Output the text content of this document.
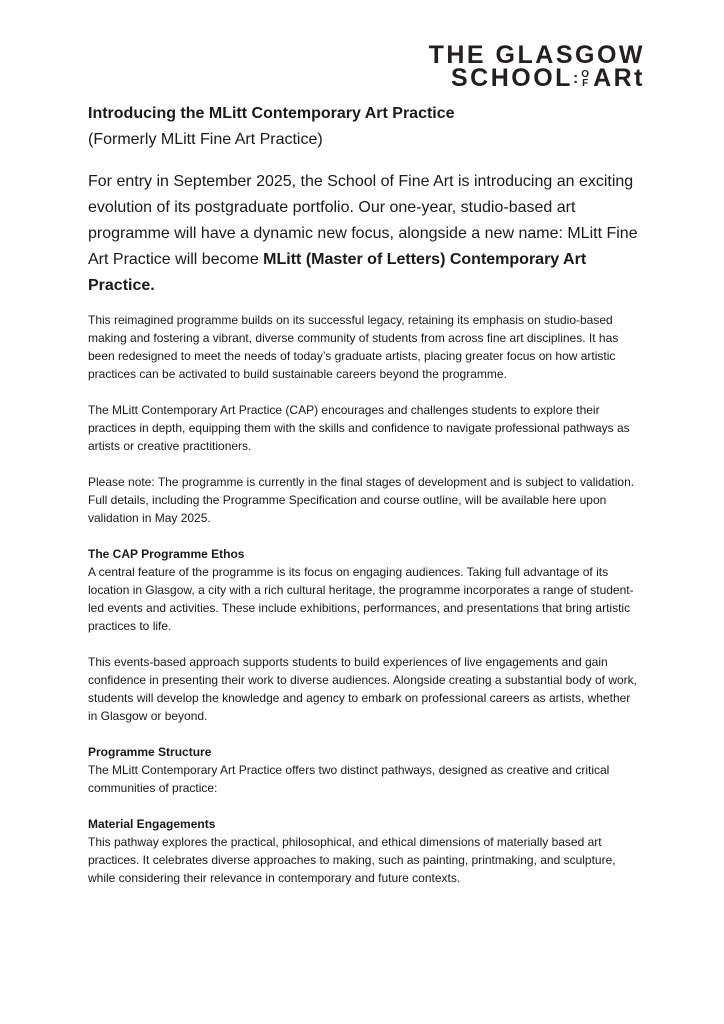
THE GLASGOW
SCHOOL : O
F ARt
Introducing the MLitt Contemporary Art Practice
(Formerly MLitt Fine Art Practice)
For entry in September 2025, the School of Fine Art is introducing an exciting evolution of its postgraduate portfolio. Our one-year, studio-based art programme will have a dynamic new focus, alongside a new name: MLitt Fine Art Practice will become MLitt (Master of Letters) Contemporary Art Practice.
This reimagined programme builds on its successful legacy, retaining its emphasis on studio-based making and fostering a vibrant, diverse community of students from across fine art disciplines. It has been redesigned to meet the needs of today’s graduate artists, placing greater focus on how artistic practices can be activated to build sustainable careers beyond the programme.
The MLitt Contemporary Art Practice (CAP) encourages and challenges students to explore their practices in depth, equipping them with the skills and confidence to navigate professional pathways as artists or creative practitioners.
Please note: The programme is currently in the final stages of development and is subject to validation. Full details, including the Programme Specification and course outline, will be available here upon validation in May 2025.
The CAP Programme Ethos
A central feature of the programme is its focus on engaging audiences. Taking full advantage of its location in Glasgow, a city with a rich cultural heritage, the programme incorporates a range of student-led events and activities. These include exhibitions, performances, and presentations that bring artistic practices to life.
This events-based approach supports students to build experiences of live engagements and gain confidence in presenting their work to diverse audiences. Alongside creating a substantial body of work, students will develop the knowledge and agency to embark on professional careers as artists, whether in Glasgow or beyond.
Programme Structure
The MLitt Contemporary Art Practice offers two distinct pathways, designed as creative and critical communities of practice:
Material Engagements
This pathway explores the practical, philosophical, and ethical dimensions of materially based art practices. It celebrates diverse approaches to making, such as painting, printmaking, and sculpture, while considering their relevance in contemporary and future contexts.
